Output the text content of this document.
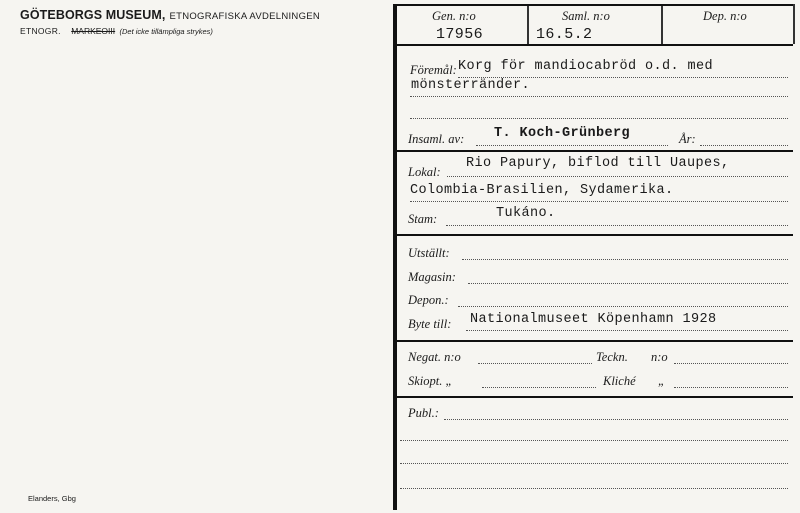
GÖTEBORGS MUSEUM, ETNOGRAFISKA AVDELNINGEN
ETNOGR. MARKEOIII (Det icke tillämpliga strykes)
Elanders, Gbg
Gen. n:o
17956
Saml. n:o
16.5.2
Dep. n:o
Föremål: Korg för mandiocabröd o.d. med
mönsterränder.
Insaml. av: T. Koch-Grünberg	År:
Lokal:
Rio Papury, biflod till Uaupes,
Colombia-Brasilien, Sydamerika.
Stam:	Tukáno.
Utställt:
Magasin:
Depon.:
Byte till: Nationalmuseet Köpenhamn 1928
Negat. n:o	Teckn. n:o
Skiopt. „	Kliché „
Publ.:
